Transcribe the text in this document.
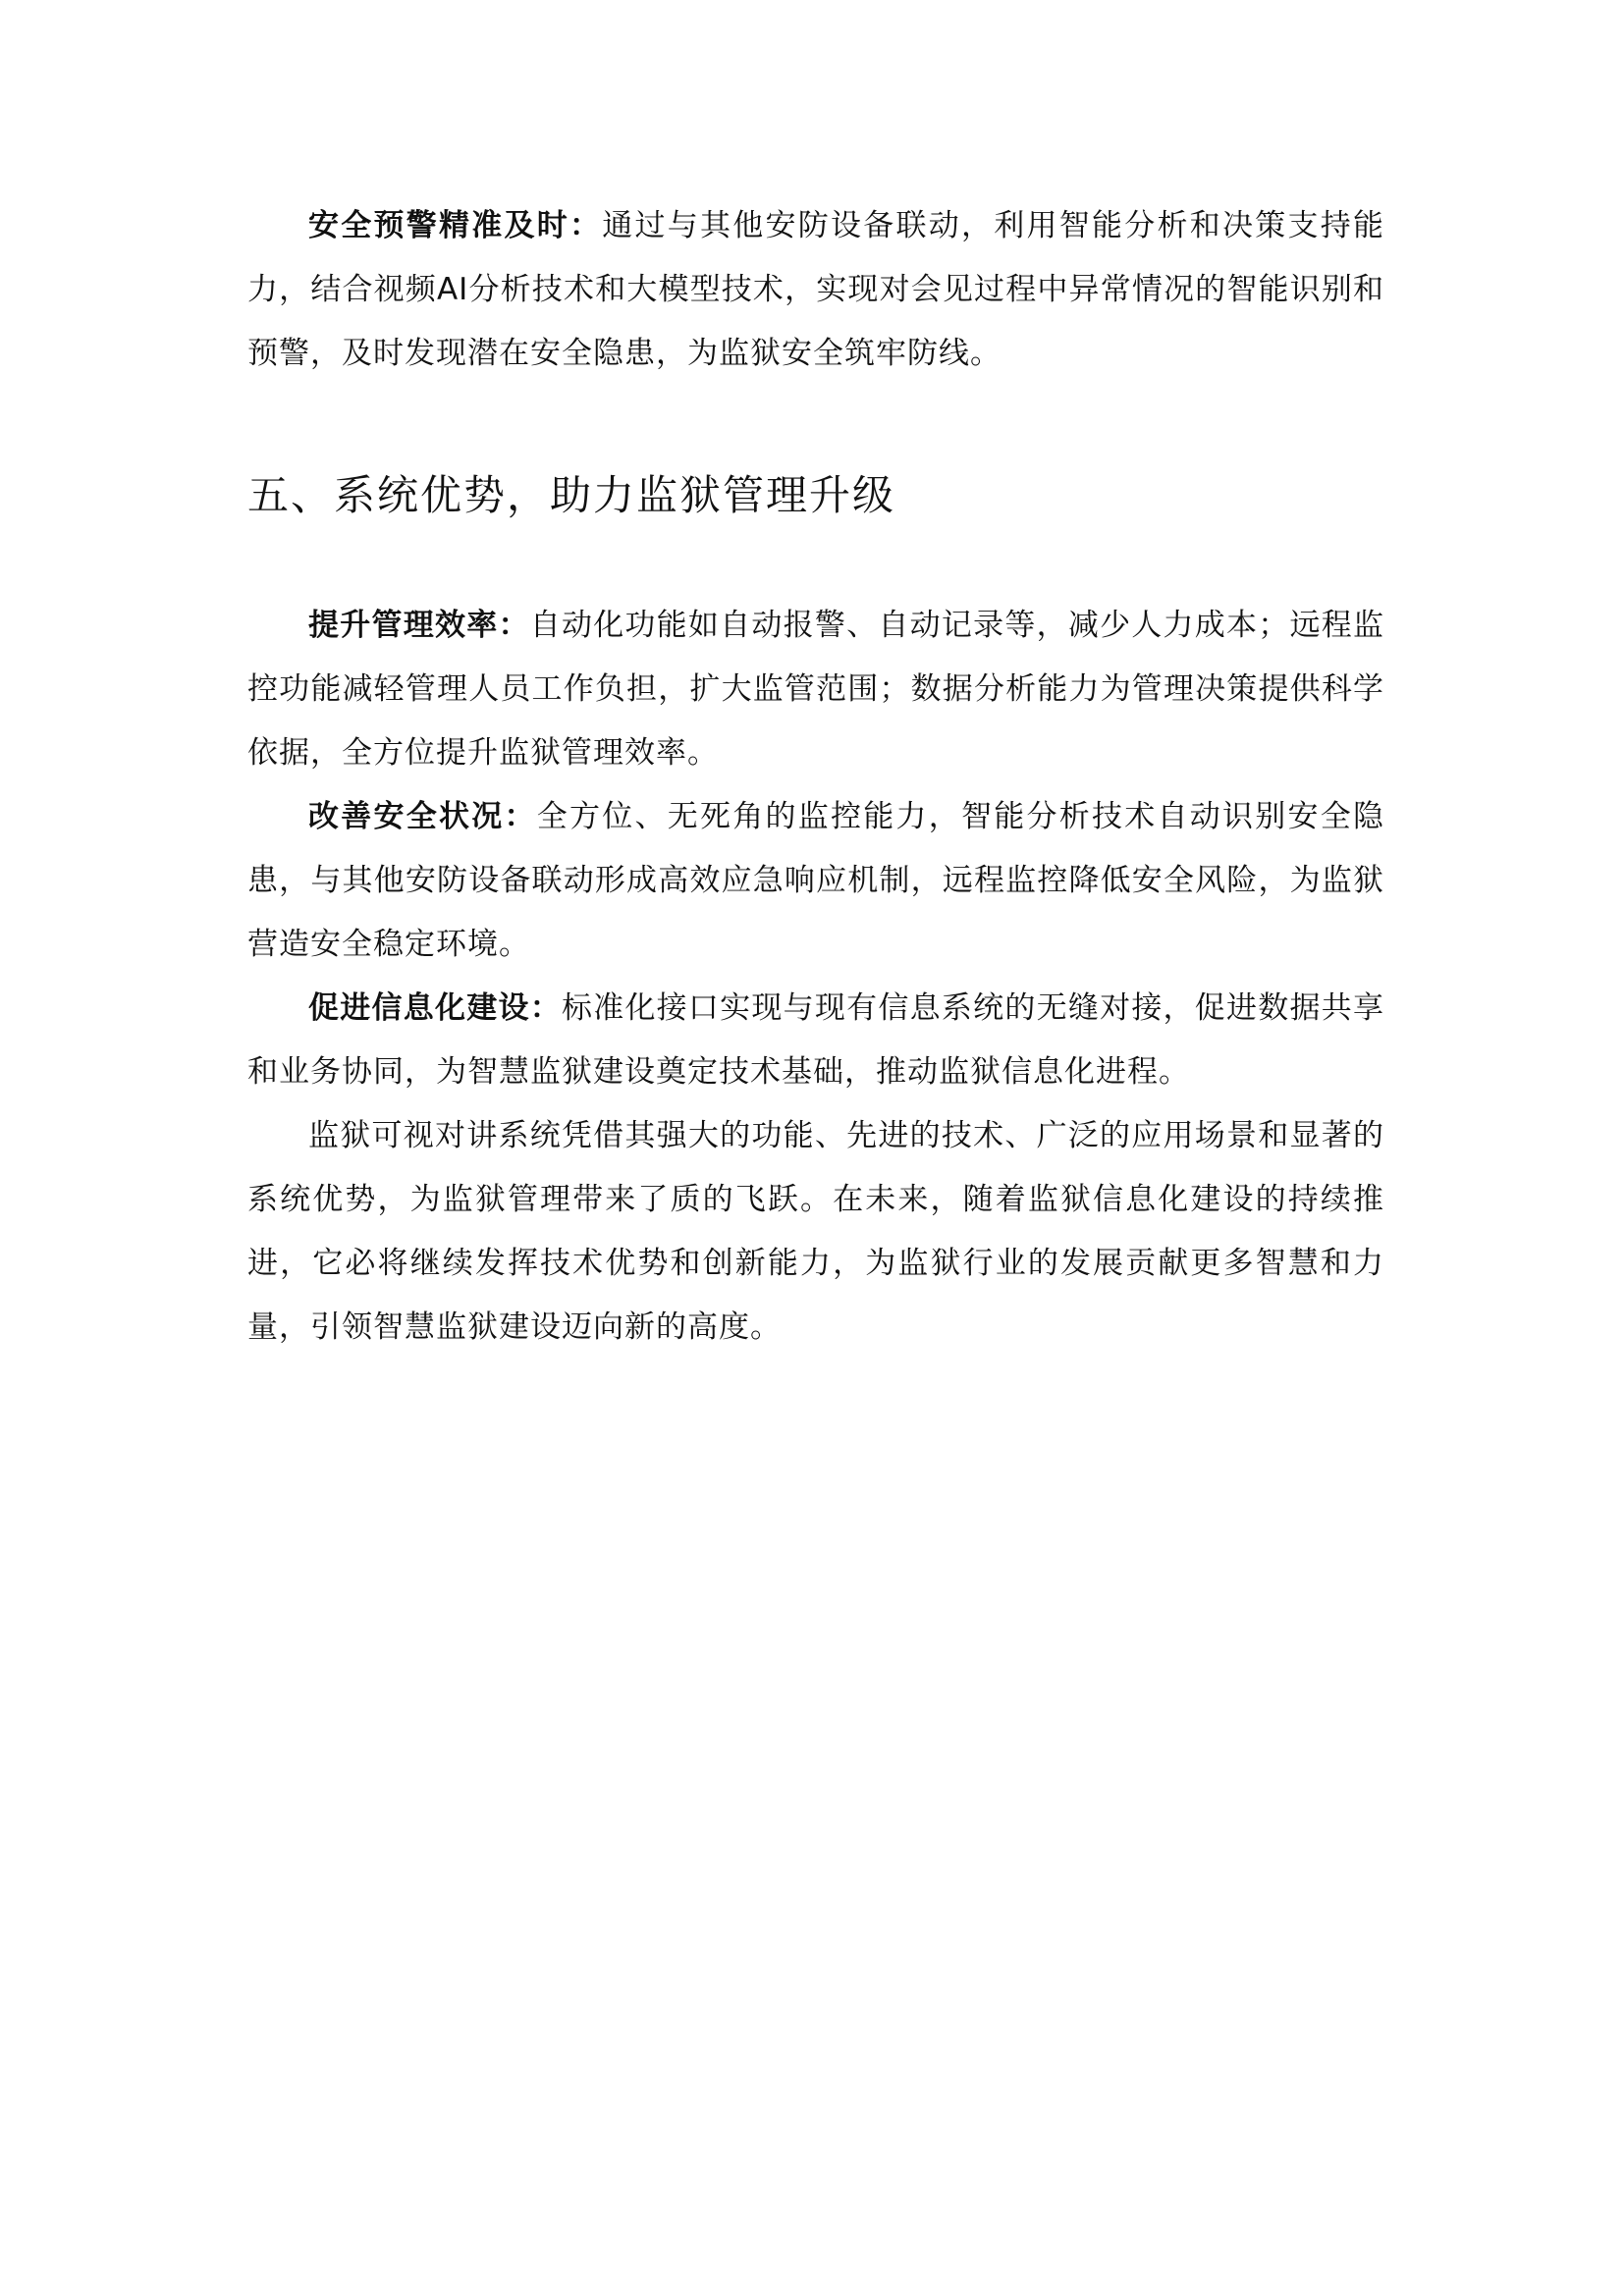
安全预警精准及时：通过与其他安防设备联动，利用智能分析和决策支持能力，结合视频AI分析技术和大模型技术，实现对会见过程中异常情况的智能识别和预警，及时发现潜在安全隐患，为监狱安全筑牢防线。

五、系统优势，助力监狱管理升级

提升管理效率：自动化功能如自动报警、自动记录等，减少人力成本；远程监控功能减轻管理人员工作负担，扩大监管范围；数据分析能力为管理决策提供科学依据，全方位提升监狱管理效率。

改善安全状况：全方位、无死角的监控能力，智能分析技术自动识别安全隐患，与其他安防设备联动形成高效应急响应机制，远程监控降低安全风险，为监狱营造安全稳定环境。

促进信息化建设：标准化接口实现与现有信息系统的无缝对接，促进数据共享和业务协同，为智慧监狱建设奠定技术基础，推动监狱信息化进程。

监狱可视对讲系统凭借其强大的功能、先进的技术、广泛的应用场景和显著的系统优势，为监狱管理带来了质的飞跃。在未来，随着监狱信息化建设的持续推进，它必将继续发挥技术优势和创新能力，为监狱行业的发展贡献更多智慧和力量，引领智慧监狱建设迈向新的高度。
